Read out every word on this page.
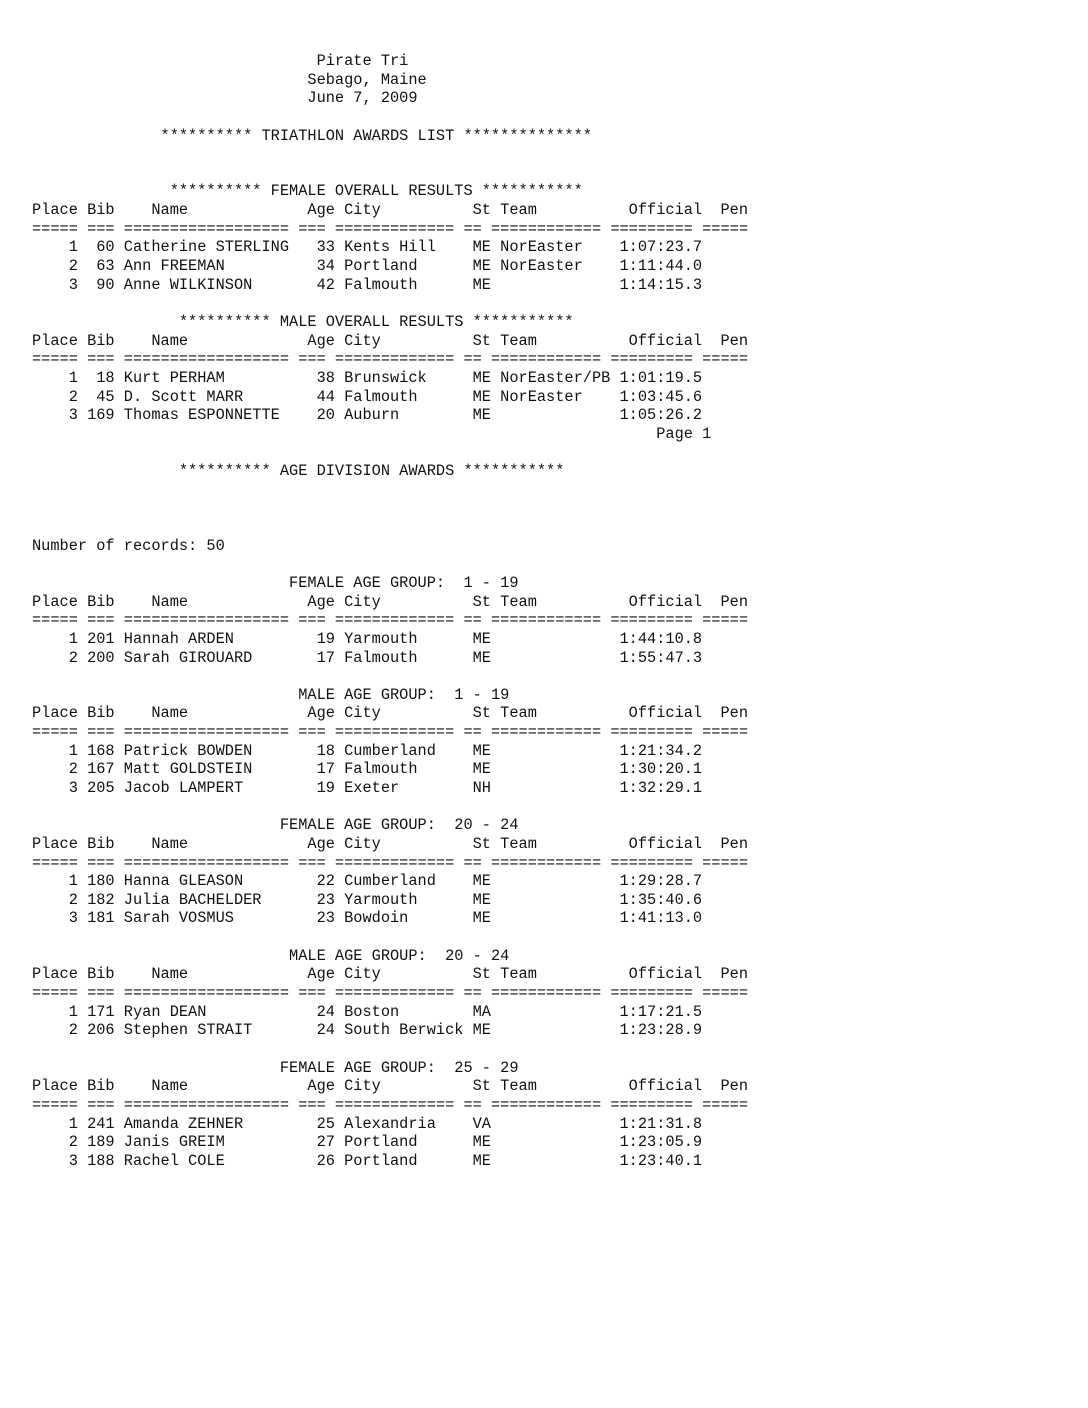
Pirate Tri
Sebago, Maine
June 7, 2009
********** TRIATHLON AWARDS LIST **************
********** FEMALE OVERALL RESULTS ***********
Place Bib    Name             Age City          St Team          Official  Pen
===== === ================== === ============= == ============ ========= =====
1  60 Catherine STERLING   33 Kents Hill    ME NorEaster    1:07:23.7
2  63 Ann FREEMAN          34 Portland      ME NorEaster    1:11:44.0
3  90 Anne WILKINSON       42 Falmouth      ME              1:14:15.3
********** MALE OVERALL RESULTS ***********
Place Bib    Name             Age City          St Team          Official  Pen
===== === ================== === ============= == ============ ========= =====
1  18 Kurt PERHAM          38 Brunswick     ME NorEaster/PB 1:01:19.5
2  45 D. Scott MARR        44 Falmouth      ME NorEaster    1:03:45.6
3 169 Thomas ESPONNETTE    20 Auburn        ME              1:05:26.2
Page 1
********** AGE DIVISION AWARDS ***********
Number of records: 50
FEMALE AGE GROUP:  1 - 19
Place Bib    Name             Age City          St Team          Official  Pen
===== === ================== === ============= == ============ ========= =====
1 201 Hannah ARDEN         19 Yarmouth      ME              1:44:10.8
2 200 Sarah GIROUARD       17 Falmouth      ME              1:55:47.3
MALE AGE GROUP:  1 - 19
Place Bib    Name             Age City          St Team          Official  Pen
===== === ================== === ============= == ============ ========= =====
1 168 Patrick BOWDEN       18 Cumberland    ME              1:21:34.2
2 167 Matt GOLDSTEIN       17 Falmouth      ME              1:30:20.1
3 205 Jacob LAMPERT        19 Exeter        NH              1:32:29.1
FEMALE AGE GROUP:  20 - 24
Place Bib    Name             Age City          St Team          Official  Pen
===== === ================== === ============= == ============ ========= =====
1 180 Hanna GLEASON        22 Cumberland    ME              1:29:28.7
2 182 Julia BACHELDER      23 Yarmouth      ME              1:35:40.6
3 181 Sarah VOSMUS         23 Bowdoin       ME              1:41:13.0
MALE AGE GROUP:  20 - 24
Place Bib    Name             Age City          St Team          Official  Pen
===== === ================== === ============= == ============ ========= =====
1 171 Ryan DEAN            24 Boston        MA              1:17:21.5
2 206 Stephen STRAIT       24 South Berwick ME              1:23:28.9
FEMALE AGE GROUP:  25 - 29
Place Bib    Name             Age City          St Team          Official  Pen
===== === ================== === ============= == ============ ========= =====
1 241 Amanda ZEHNER        25 Alexandria    VA              1:21:31.8
2 189 Janis GREIM          27 Portland      ME              1:23:05.9
3 188 Rachel COLE          26 Portland      ME              1:23:40.1
